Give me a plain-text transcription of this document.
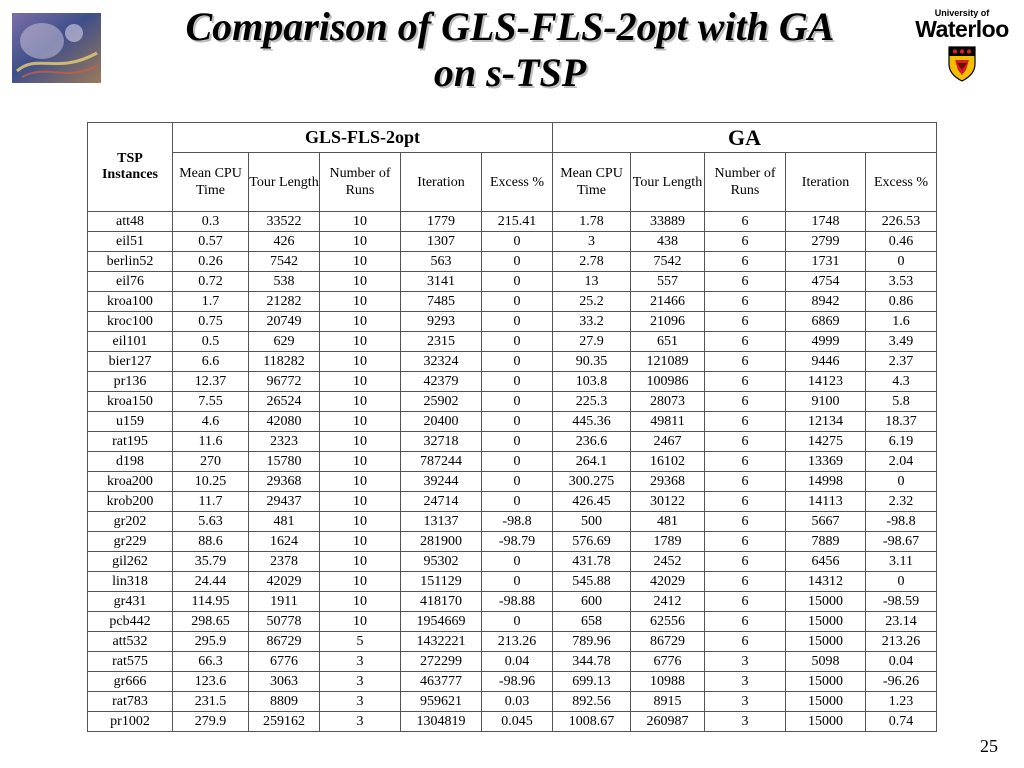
Comparison of GLS-FLS-2opt with GA
on s-TSP
University of
Waterloo
TSP Instances	GLS-FLS-2opt					GA				
	Mean CPU Time	Tour Length	Number of Runs	Iteration	Excess %	Mean CPU Time	Tour Length	Number of Runs	Iteration	Excess %
att48	0.3	33522	10	1779	215.41	1.78	33889	6	1748	226.53
eil51	0.57	426	10	1307	0	3	438	6	2799	0.46
berlin52	0.26	7542	10	563	0	2.78	7542	6	1731	0
eil76	0.72	538	10	3141	0	13	557	6	4754	3.53
kroa100	1.7	21282	10	7485	0	25.2	21466	6	8942	0.86
kroc100	0.75	20749	10	9293	0	33.2	21096	6	6869	1.6
eil101	0.5	629	10	2315	0	27.9	651	6	4999	3.49
bier127	6.6	118282	10	32324	0	90.35	121089	6	9446	2.37
pr136	12.37	96772	10	42379	0	103.8	100986	6	14123	4.3
kroa150	7.55	26524	10	25902	0	225.3	28073	6	9100	5.8
u159	4.6	42080	10	20400	0	445.36	49811	6	12134	18.37
rat195	11.6	2323	10	32718	0	236.6	2467	6	14275	6.19
d198	270	15780	10	787244	0	264.1	16102	6	13369	2.04
kroa200	10.25	29368	10	39244	0	300.275	29368	6	14998	0
krob200	11.7	29437	10	24714	0	426.45	30122	6	14113	2.32
gr202	5.63	481	10	13137	-98.8	500	481	6	5667	-98.8
gr229	88.6	1624	10	281900	-98.79	576.69	1789	6	7889	-98.67
gil262	35.79	2378	10	95302	0	431.78	2452	6	6456	3.11
lin318	24.44	42029	10	151129	0	545.88	42029	6	14312	0
gr431	114.95	1911	10	418170	-98.88	600	2412	6	15000	-98.59
pcb442	298.65	50778	10	1954669	0	658	62556	6	15000	23.14
att532	295.9	86729	5	1432221	213.26	789.96	86729	6	15000	213.26
rat575	66.3	6776	3	272299	0.04	344.78	6776	3	5098	0.04
gr666	123.6	3063	3	463777	-98.96	699.13	10988	3	15000	-96.26
rat783	231.5	8809	3	959621	0.03	892.56	8915	3	15000	1.23
pr1002	279.9	259162	3	1304819	0.045	1008.67	260987	3	15000	0.74
25
